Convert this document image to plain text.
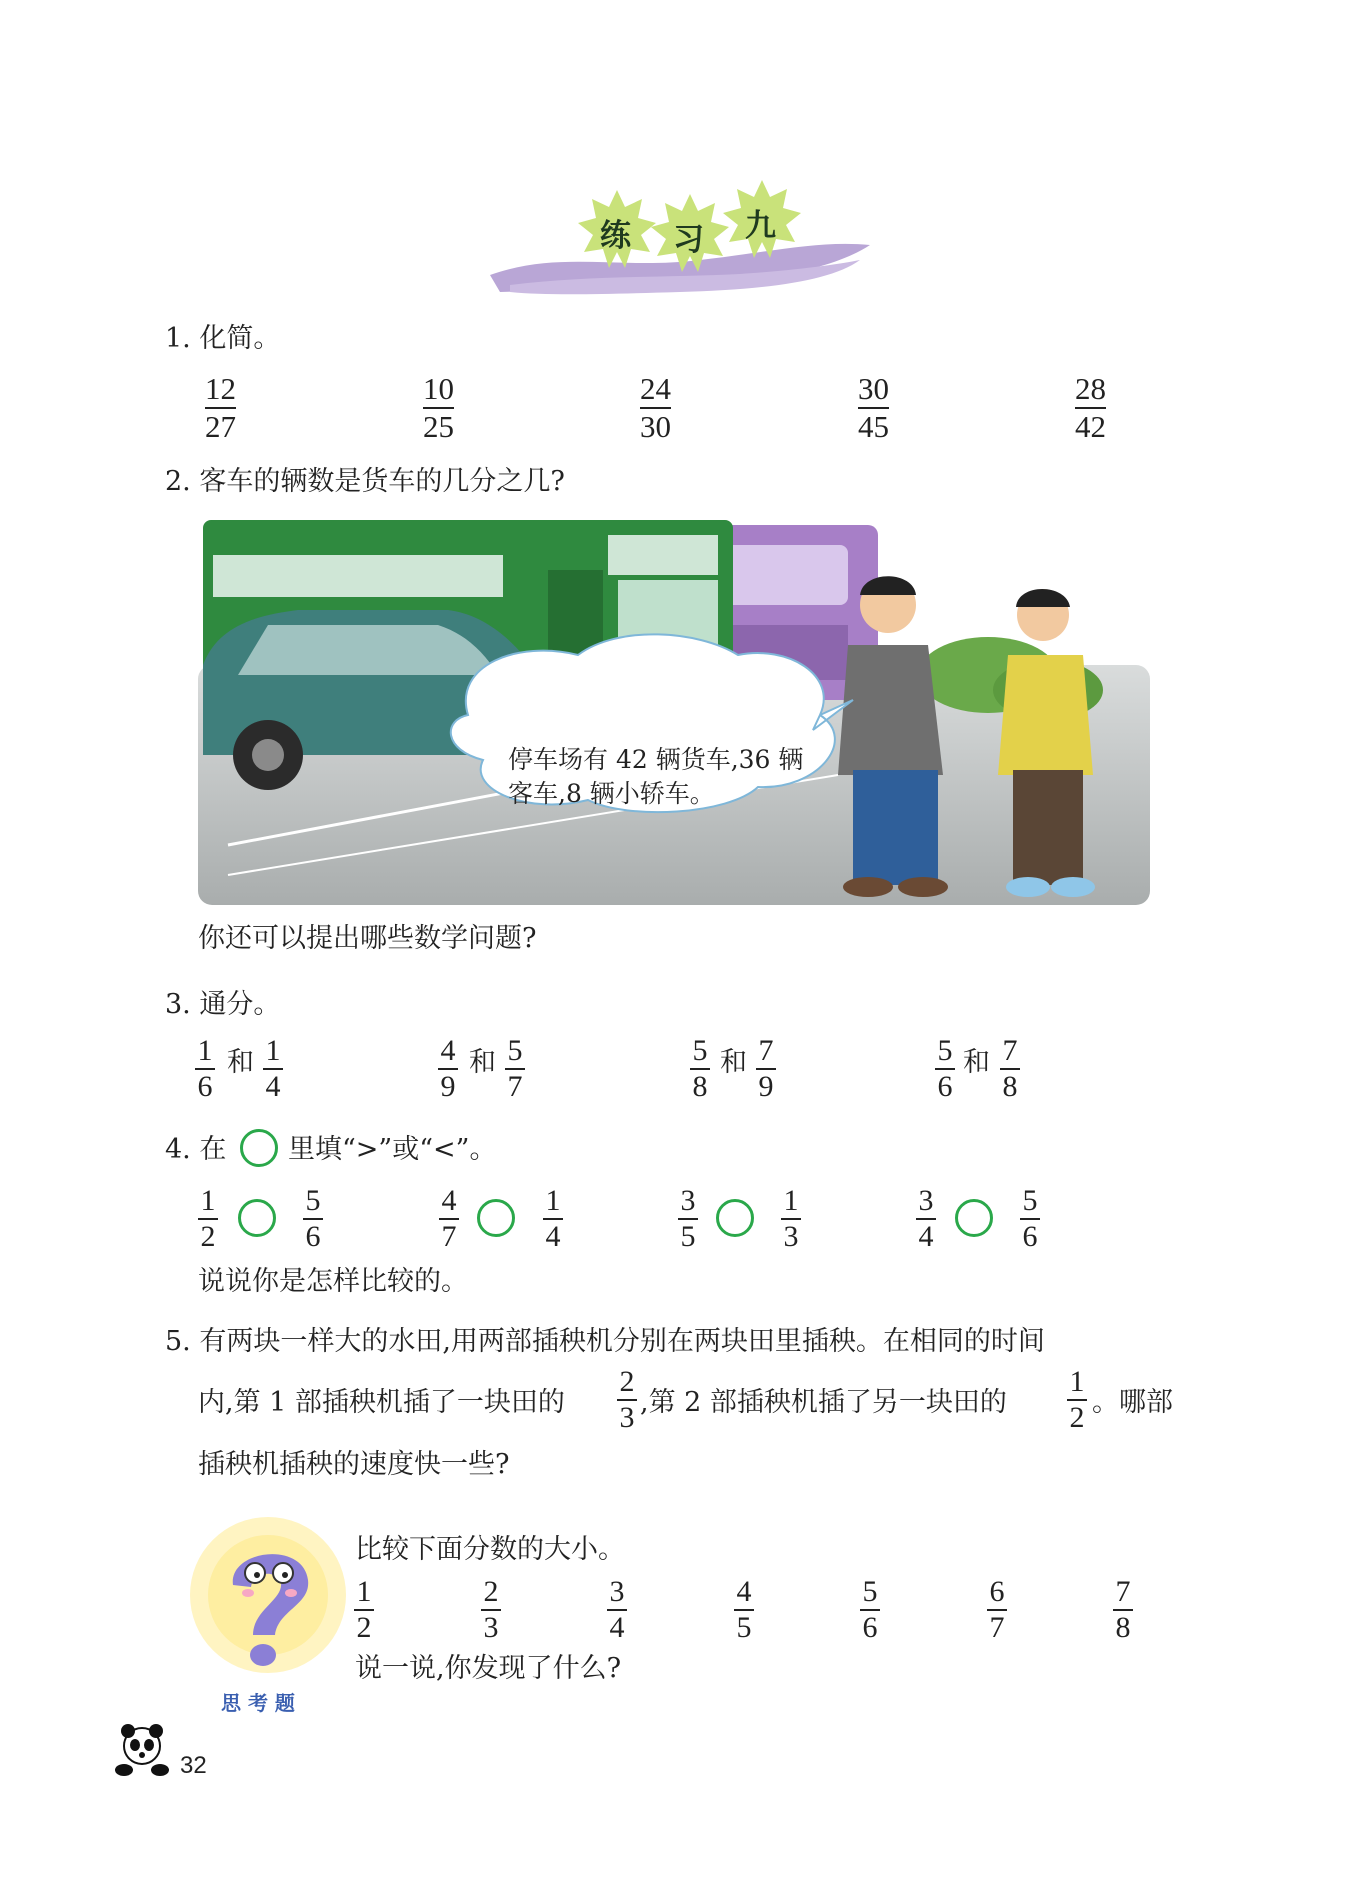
练 习 九
1. 化简。
12
27
10
25
24
30
30
45
28
42
2. 客车的辆数是货车的几分之几?
停车场有 42 辆货车,36 辆
客车,8 辆小轿车。
你还可以提出哪些数学问题?
3. 通分。
1
6
和 1
4
4
9
和 5
7
5
8
和 7
9
5
6
和 7
8
4. 在 里填“>”或“<”。
1
2
5
6
4
7
1
4
3
5
1
3
3
4
5
6
说说你是怎样比较的。
5. 有两块一样大的水田,用两部插秧机分别在两块田里插秧。在相同的时间
内,第 1 部插秧机插了一块田的
2
3 ,第 2 部插秧机插了另一块田的
1
2 。哪部
插秧机插秧的速度快一些?
思 考 题
比较下面分数的大小。
1
2
2
3
3
4
4
5
5
6
6
7
7
8
说一说,你发现了什么?
32
